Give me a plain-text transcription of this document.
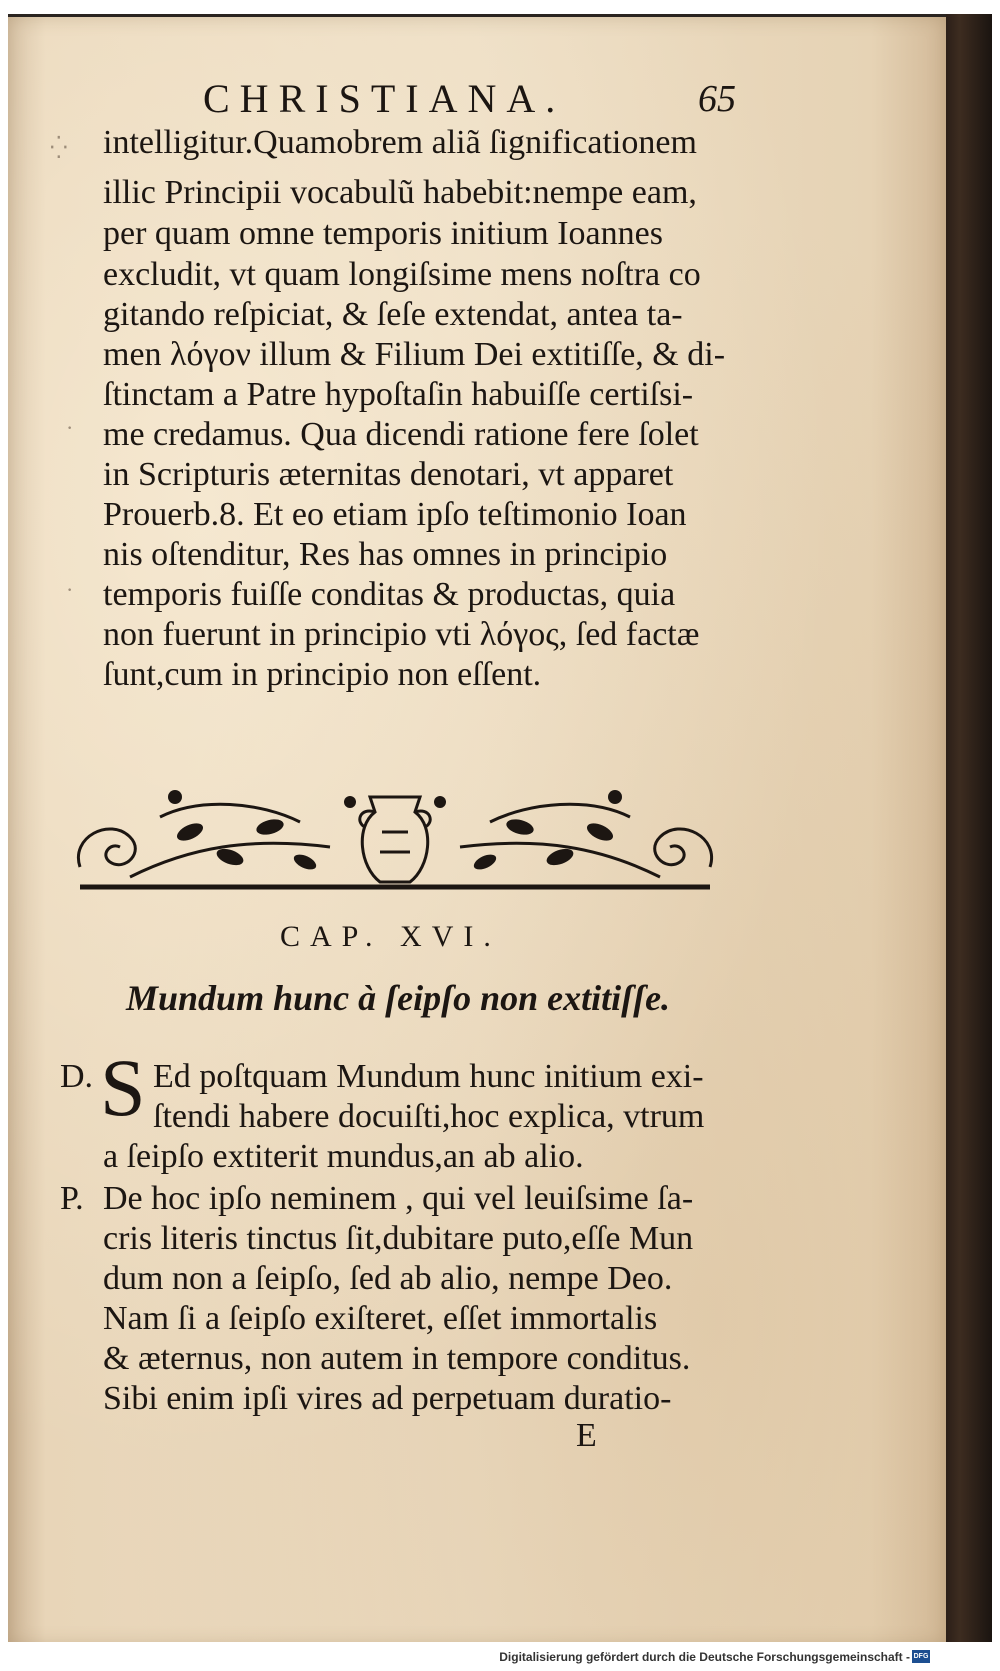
CHRISTIANA.	65
intelligitur.Quamobrem aliã ſignificationem
illic Principii vocabulũ habebit:nempe eam,
per quam omne temporis initium Ioannes
excludit, vt quam longiſsime mens noſtra co
gitando reſpiciat, & ſeſe extendat, antea ta-
men λόγον illum & Filium Dei extitiſſe, & di-
ſtinctam a Patre hypoſtaſin habuiſſe certiſsi-
me credamus. Qua dicendi ratione fere ſolet
in Scripturis æternitas denotari, vt apparet
Prouerb.8. Et eo etiam ipſo teſtimonio Ioan
nis oſtenditur, Res has omnes in principio
temporis fuiſſe conditas & productas, quia
non fuerunt in principio vti λόγος, ſed factæ
ſunt,cum in principio non eſſent.
⁛
·
·
CAP. XVI.
Mundum hunc à ſeipſo non extitiſſe.
D. S Ed poſtquam Mundum hunc initium exi-
ſtendi habere docuiſti,hoc explica, vtrum
a ſeipſo extiterit mundus,an ab alio.
P. De hoc ipſo neminem , qui vel leuiſsime ſa-
cris literis tinctus ſit,dubitare puto,eſſe Mun
dum non a ſeipſo, ſed ab alio, nempe Deo.
Nam ſi a ſeipſo exiſteret, eſſet immortalis
& æternus, non autem in tempore conditus.
Sibi enim ipſi vires ad perpetuam duratio-
E
Digitalisierung gefördert durch die Deutsche Forschungsgemeinschaft - DFG
